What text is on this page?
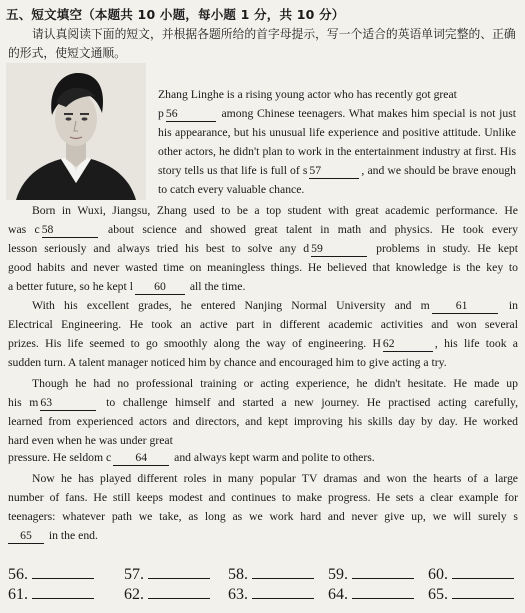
五、短文填空（本题共 10 小题，每小题 1 分，共 10 分）
请认真阅读下面的短文，并根据各题所给的首字母提示，写一个适合的英语单词完整的、正确的形式，使短文通顺。
Zhang Linghe is a rising young actor who has recently got great
p 56	among Chinese teenagers. What makes him special is not just
his appearance, but his unusual life experience and positive attitude. Unlike
other actors, he didn't plan to work in the entertainment industry at first. His
story tells us that life is full of s 57	, and we should be brave enough
to catch every valuable chance.
Born in Wuxi, Jiangsu, Zhang used to be a top student with great academic performance. He
was c 58	about science and showed great talent in math and physics. He took every
lesson seriously and always tried his best to solve any d 59	problems in study. He kept
good habits and never wasted time on meaningless things. He believed that knowledge is the key to
a better future, so he kept l 60 all the time.
With his excellent grades, he entered Nanjing Normal University and m 61	in
Electrical Engineering. He took an active part in different academic activities and won several
prizes. His life seemed to go smoothly along the way of engineering. H 62	, his life took a
sudden turn. A talent manager noticed him by chance and encouraged him to give acting a try.
Though he had no professional training or acting experience, he didn't hesitate. He made up
his m 63	to challenge himself and started a new journey. He practised acting carefully,
learned from experienced actors and directors, and kept improving his skills day by day. He worked
hard even when he was under great
pressure. He seldom c 64 and always kept warm and polite to others.
Now he has played different roles in many popular TV dramas and won the hearts of a large
number of fans. He still keeps modest and continues to make progress. He sets a clear example for
teenagers: whatever path we take, as long as we work hard and never give up, we will surely s
65 in the end.
56.	57.	58.	59.	60.
61.	62.	63.	64.	65.
